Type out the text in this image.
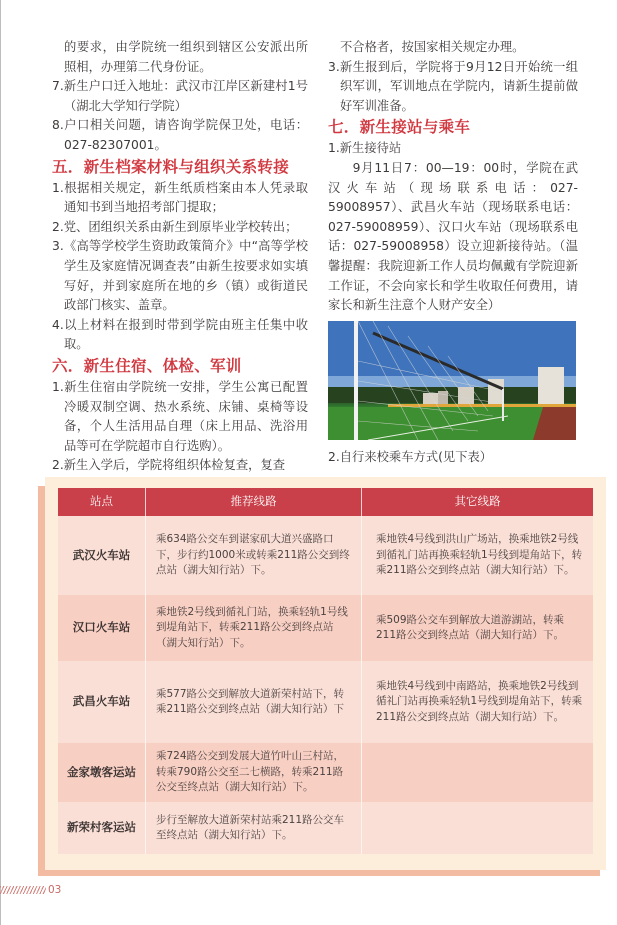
的要求，由学院统一组织到辖区公安派出所照相，办理第二代身份证。

7.新生户口迁入地址：武汉市江岸区新建村1号（湖北大学知行学院）

8.户口相关问题，请咨询学院保卫处，电话：027-82307001。

五．新生档案材料与组织关系转接

1.根据相关规定，新生纸质档案由本人凭录取通知书到当地招考部门提取；

2.党、团组织关系由新生到原毕业学校转出；

3.《高等学校学生资助政策简介》中“高等学校学生及家庭情况调查表”由新生按要求如实填写好，并到家庭所在地的乡（镇）或街道民政部门核实、盖章。

4.以上材料在报到时带到学院由班主任集中收取。

六．新生住宿、体检、军训

1.新生住宿由学院统一安排，学生公寓已配置冷暖双制空调、热水系统、床铺、桌椅等设备，个人生活用品自理（床上用品、洗浴用品等可在学院超市自行选购）。

2.新生入学后，学院将组织体检复查，复查

不合格者，按国家相关规定办理。

3.新生报到后，学院将于9月12日开始统一组织军训，军训地点在学院内，请新生提前做好军训准备。

七．新生接站与乘车

1.新生接待站

9月11日7：00—19：00时，学院在武汉火车站（现场联系电话：027-59008957）、武昌火车站（现场联系电话：027-59008959）、汉口火车站（现场联系电话：027-59008958）设立迎新接待站。（温馨提醒：我院迎新工作人员均佩戴有学院迎新工作证，不会向家长和学生收取任何费用，请家长和新生注意个人财产安全）

2.自行来校乘车方式(见下表）

站点	推荐线路	其它线路
武汉火车站	乘634路公交车到谌家矶大道兴盛路口下，步行约1000米或转乘211路公交到终点站（湖大知行站）下。	乘地铁4号线到洪山广场站，换乘地铁2号线到循礼门站再换乘轻轨1号线到堤角站下，转乘211路公交到终点站（湖大知行站）下。
汉口火车站	乘地铁2号线到循礼门站，换乘轻轨1号线到堤角站下，转乘211路公交到终点站（湖大知行站）下。	乘509路公交车到解放大道游湖站，转乘211路公交到终点站（湖大知行站）下。
武昌火车站	乘577路公交到解放大道新荣村站下，转乘211路公交到终点站（湖大知行站）下	乘地铁4号线到中南路站，换乘地铁2号线到循礼门站再换乘轻轨1号线到堤角站下，转乘211路公交到终点站（湖大知行站）下。
金家墩客运站	乘724路公交到发展大道竹叶山三村站，转乘790路公交至二七横路，转乘211路公交至终点站（湖大知行站）下。	
新荣村客运站	步行至解放大道新荣村站乘211路公交车至终点站（湖大知行站）下。	
03
